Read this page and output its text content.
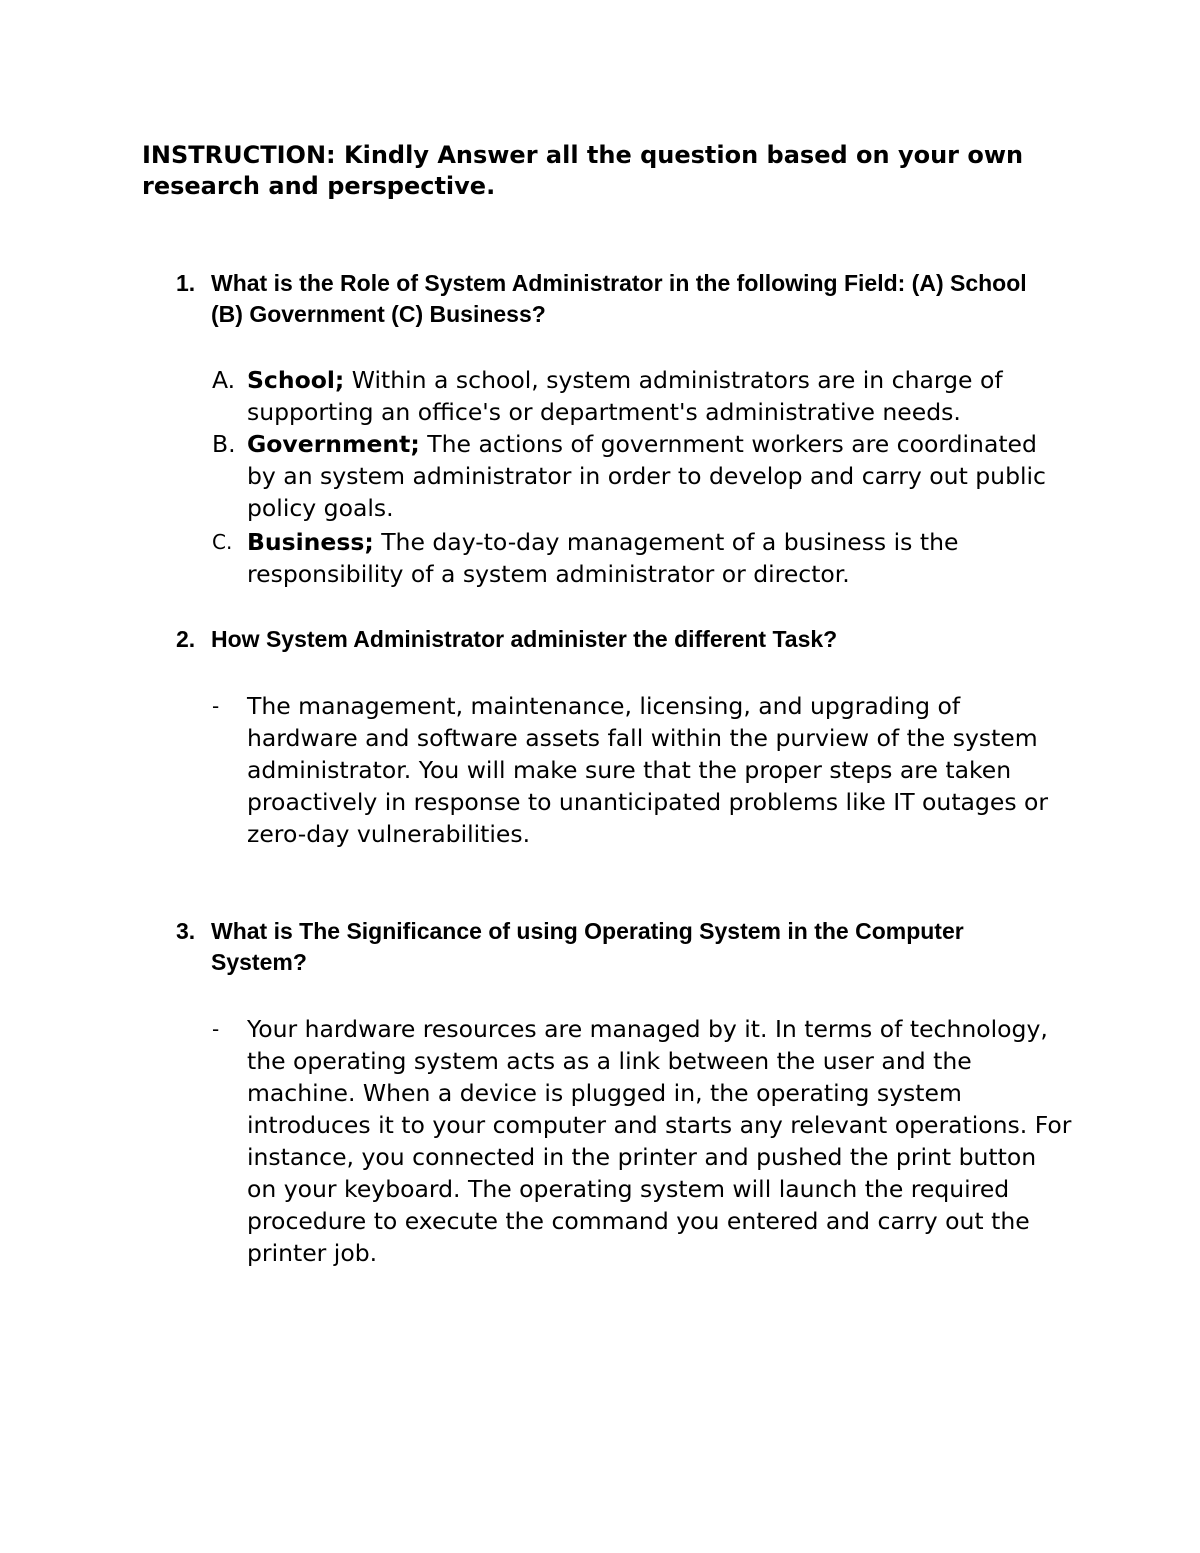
INSTRUCTION: Kindly Answer all the question based on your own research and perspective.

1. What is the Role of System Administrator in the following Field: (A) School (B) Government (C) Business?
A. School; Within a school, system administrators are in charge of supporting an office's or department's administrative needs.
B. Government; The actions of government workers are coordinated by an system administrator in order to develop and carry out public policy goals.
C. Business; The day-to-day management of a business is the responsibility of a system administrator or director.
2. How System Administrator administer the different Task?
- The management, maintenance, licensing, and upgrading of hardware and software assets fall within the purview of the system administrator. You will make sure that the proper steps are taken proactively in response to unanticipated problems like IT outages or zero-day vulnerabilities.
3. What is The Significance of using Operating System in the Computer System?
- Your hardware resources are managed by it. In terms of technology, the operating system acts as a link between the user and the machine. When a device is plugged in, the operating system introduces it to your computer and starts any relevant operations. For instance, you connected in the printer and pushed the print button on your keyboard. The operating system will launch the required procedure to execute the command you entered and carry out the printer job.
